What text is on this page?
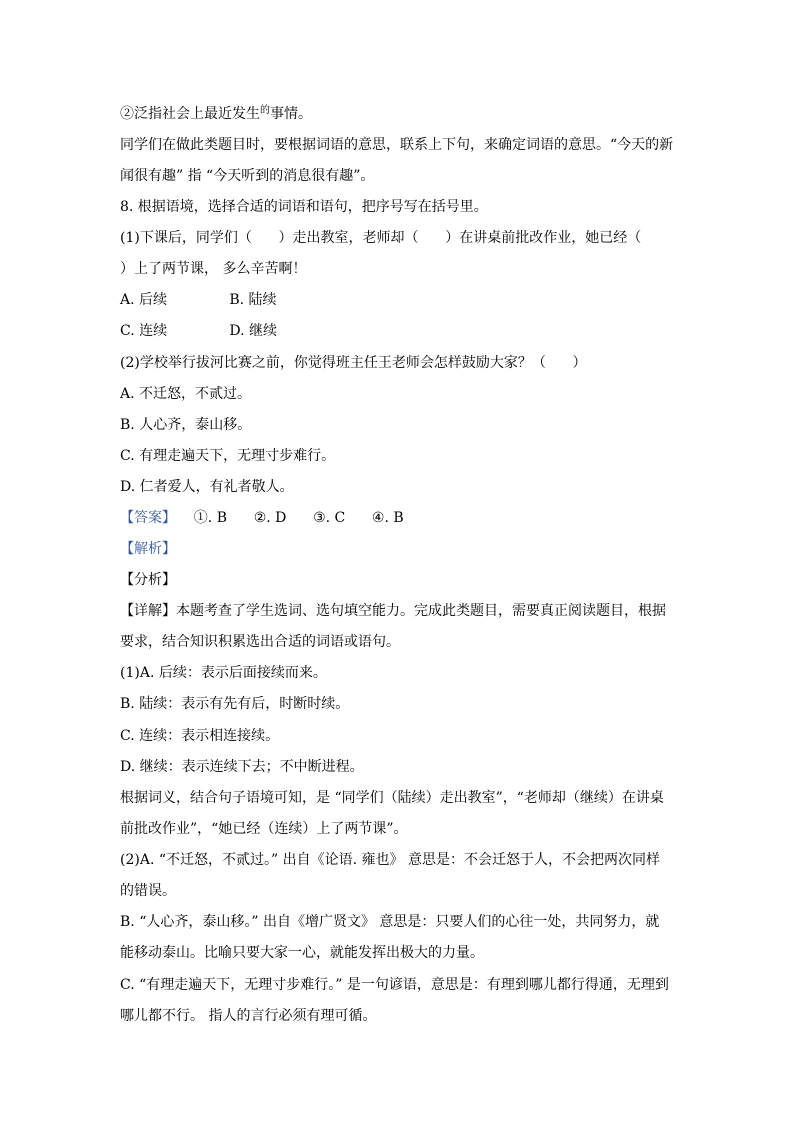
②泛指社会上最近发生$^的$事情。
同学们在做此类题目时，要根据词语的意思，联系上下句，来确定词语的意思。“今天的新
闻很有趣” 指 “今天听到的消息很有趣”。
8. 根据语境，选择合适的词语和语句，把序号写在括号里。
(1)下课后，同学们（      ）走出教室，老师却（      ）在讲桌前批改作业，她已经（
）上了两节课， 多么辛苦啊！
A. 后续              B. 陆续
C. 连续              D. 继续
(2)学校举行拔河比赛之前，你觉得班主任王老师会怎样鼓励大家？（      ）
A. 不迁怒，不贰过。
B. 人心齐，泰山移。
C. 有理走遍天下，无理寸步难行。
D. 仁者爱人，有礼者敬人。
【答案】    ①. B      ②. D      ③. C      ④. B
【解析】
【分析】
【详解】本题考查了学生选词、选句填空能力。完成此类题目，需要真正阅读题目，根据
要求，结合知识积累选出合适的词语或语句。
(1)A. 后续：表示后面接续而来。
B. 陆续：表示有先有后，时断时续。
C. 连续：表示相连接续。
D. 继续：表示连续下去；不中断进程。
根据词义，结合句子语境可知，是 “同学们（陆续）走出教室”，“老师却（继续）在讲桌
前批改作业”，“她已经（连续）上了两节课”。
(2)A. “不迁怒，不贰过。” 出自《论语. 雍也》 意思是：不会迁怒于人，不会把两次同样
的错误。
B. “人心齐，泰山移。” 出自《增广贤文》 意思是：只要人们的心往一处，共同努力，就
能移动泰山。比喻只要大家一心，就能发挥出极大的力量。
C. “有理走遍天下，无理寸步难行。” 是一句谚语，意思是：有理到哪儿都行得通，无理到
哪儿都不行。 指人的言行必须有理可循。
